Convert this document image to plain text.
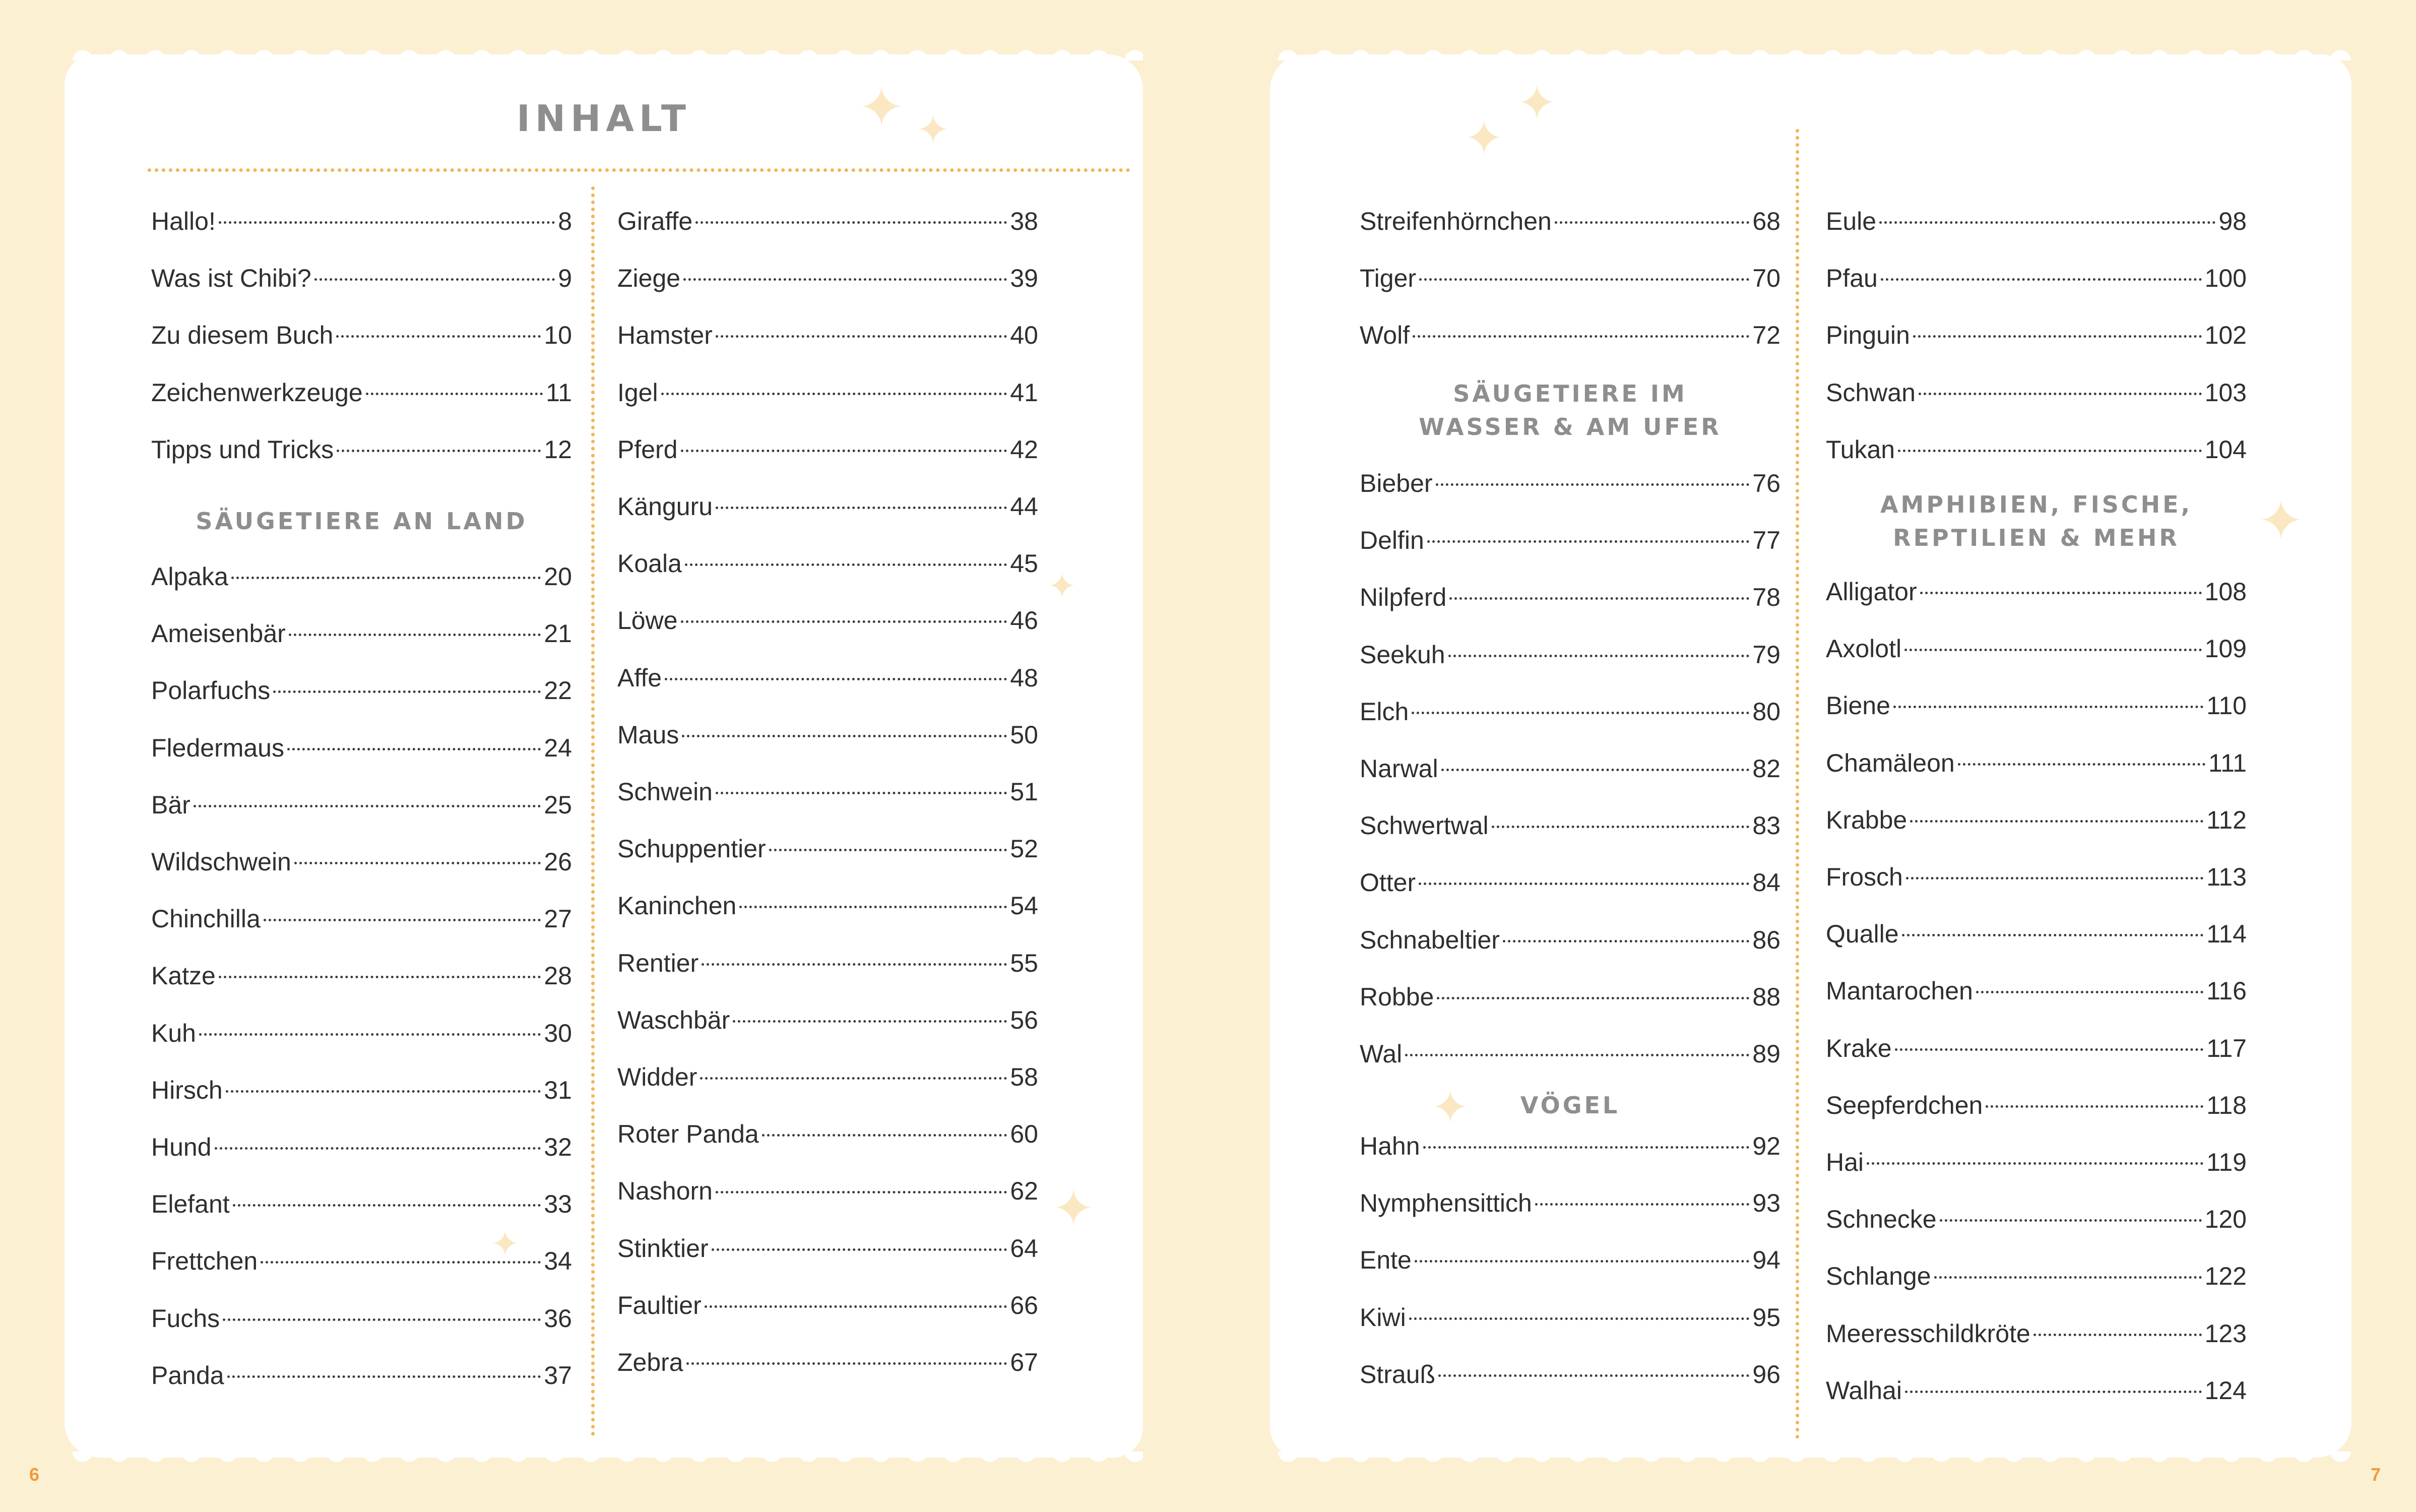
INHALT	✦ ✦
✦
✦
✦
Hallo!	8
Was ist Chibi?	9
Zu diesem Buch	10
Zeichenwerkzeuge	11
Tipps und Tricks	12
SÄUGETIERE AN LAND
Alpaka	20
Ameisenbär	21
Polarfuchs	22
Fledermaus	24
Bär	25
Wildschwein	26
Chinchilla	27
Katze	28
Kuh	30
Hirsch	31
Hund	32
Elefant	33
Frettchen	34
Fuchs	36
Panda	37
Giraffe	38
Ziege	39
Hamster	40
Igel	41
Pferd	42
Känguru	44
Koala	45
Löwe	46
Affe	48
Maus	50
Schwein	51
Schuppentier	52
Kaninchen	54
Rentier	55
Waschbär	56
Widder	58
Roter Panda	60
Nashorn	62
Stinktier	64
Faultier	66
Zebra	67
✦
✦
✦
✦
Streifenhörnchen	68
Tiger	70
Wolf	72
SÄUGETIERE IM
WASSER & AM UFER
Bieber	76
Delfin	77
Nilpferd	78
Seekuh	79
Elch	80
Narwal	82
Schwertwal	83
Otter	84
Schnabeltier	86
Robbe	88
Wal	89
VÖGEL
Hahn	92
Nymphensittich	93
Ente	94
Kiwi	95
Strauß	96
Eule	98
Pfau	100
Pinguin	102
Schwan	103
Tukan	104
AMPHIBIEN, FISCHE,
REPTILIEN & MEHR
Alligator	108
Axolotl	109
Biene	110
Chamäleon	111
Krabbe	112
Frosch	113
Qualle	114
Mantarochen	116
Krake	117
Seepferdchen	118
Hai	119
Schnecke	120
Schlange	122
Meeresschildkröte	123
Walhai	124
6	7
